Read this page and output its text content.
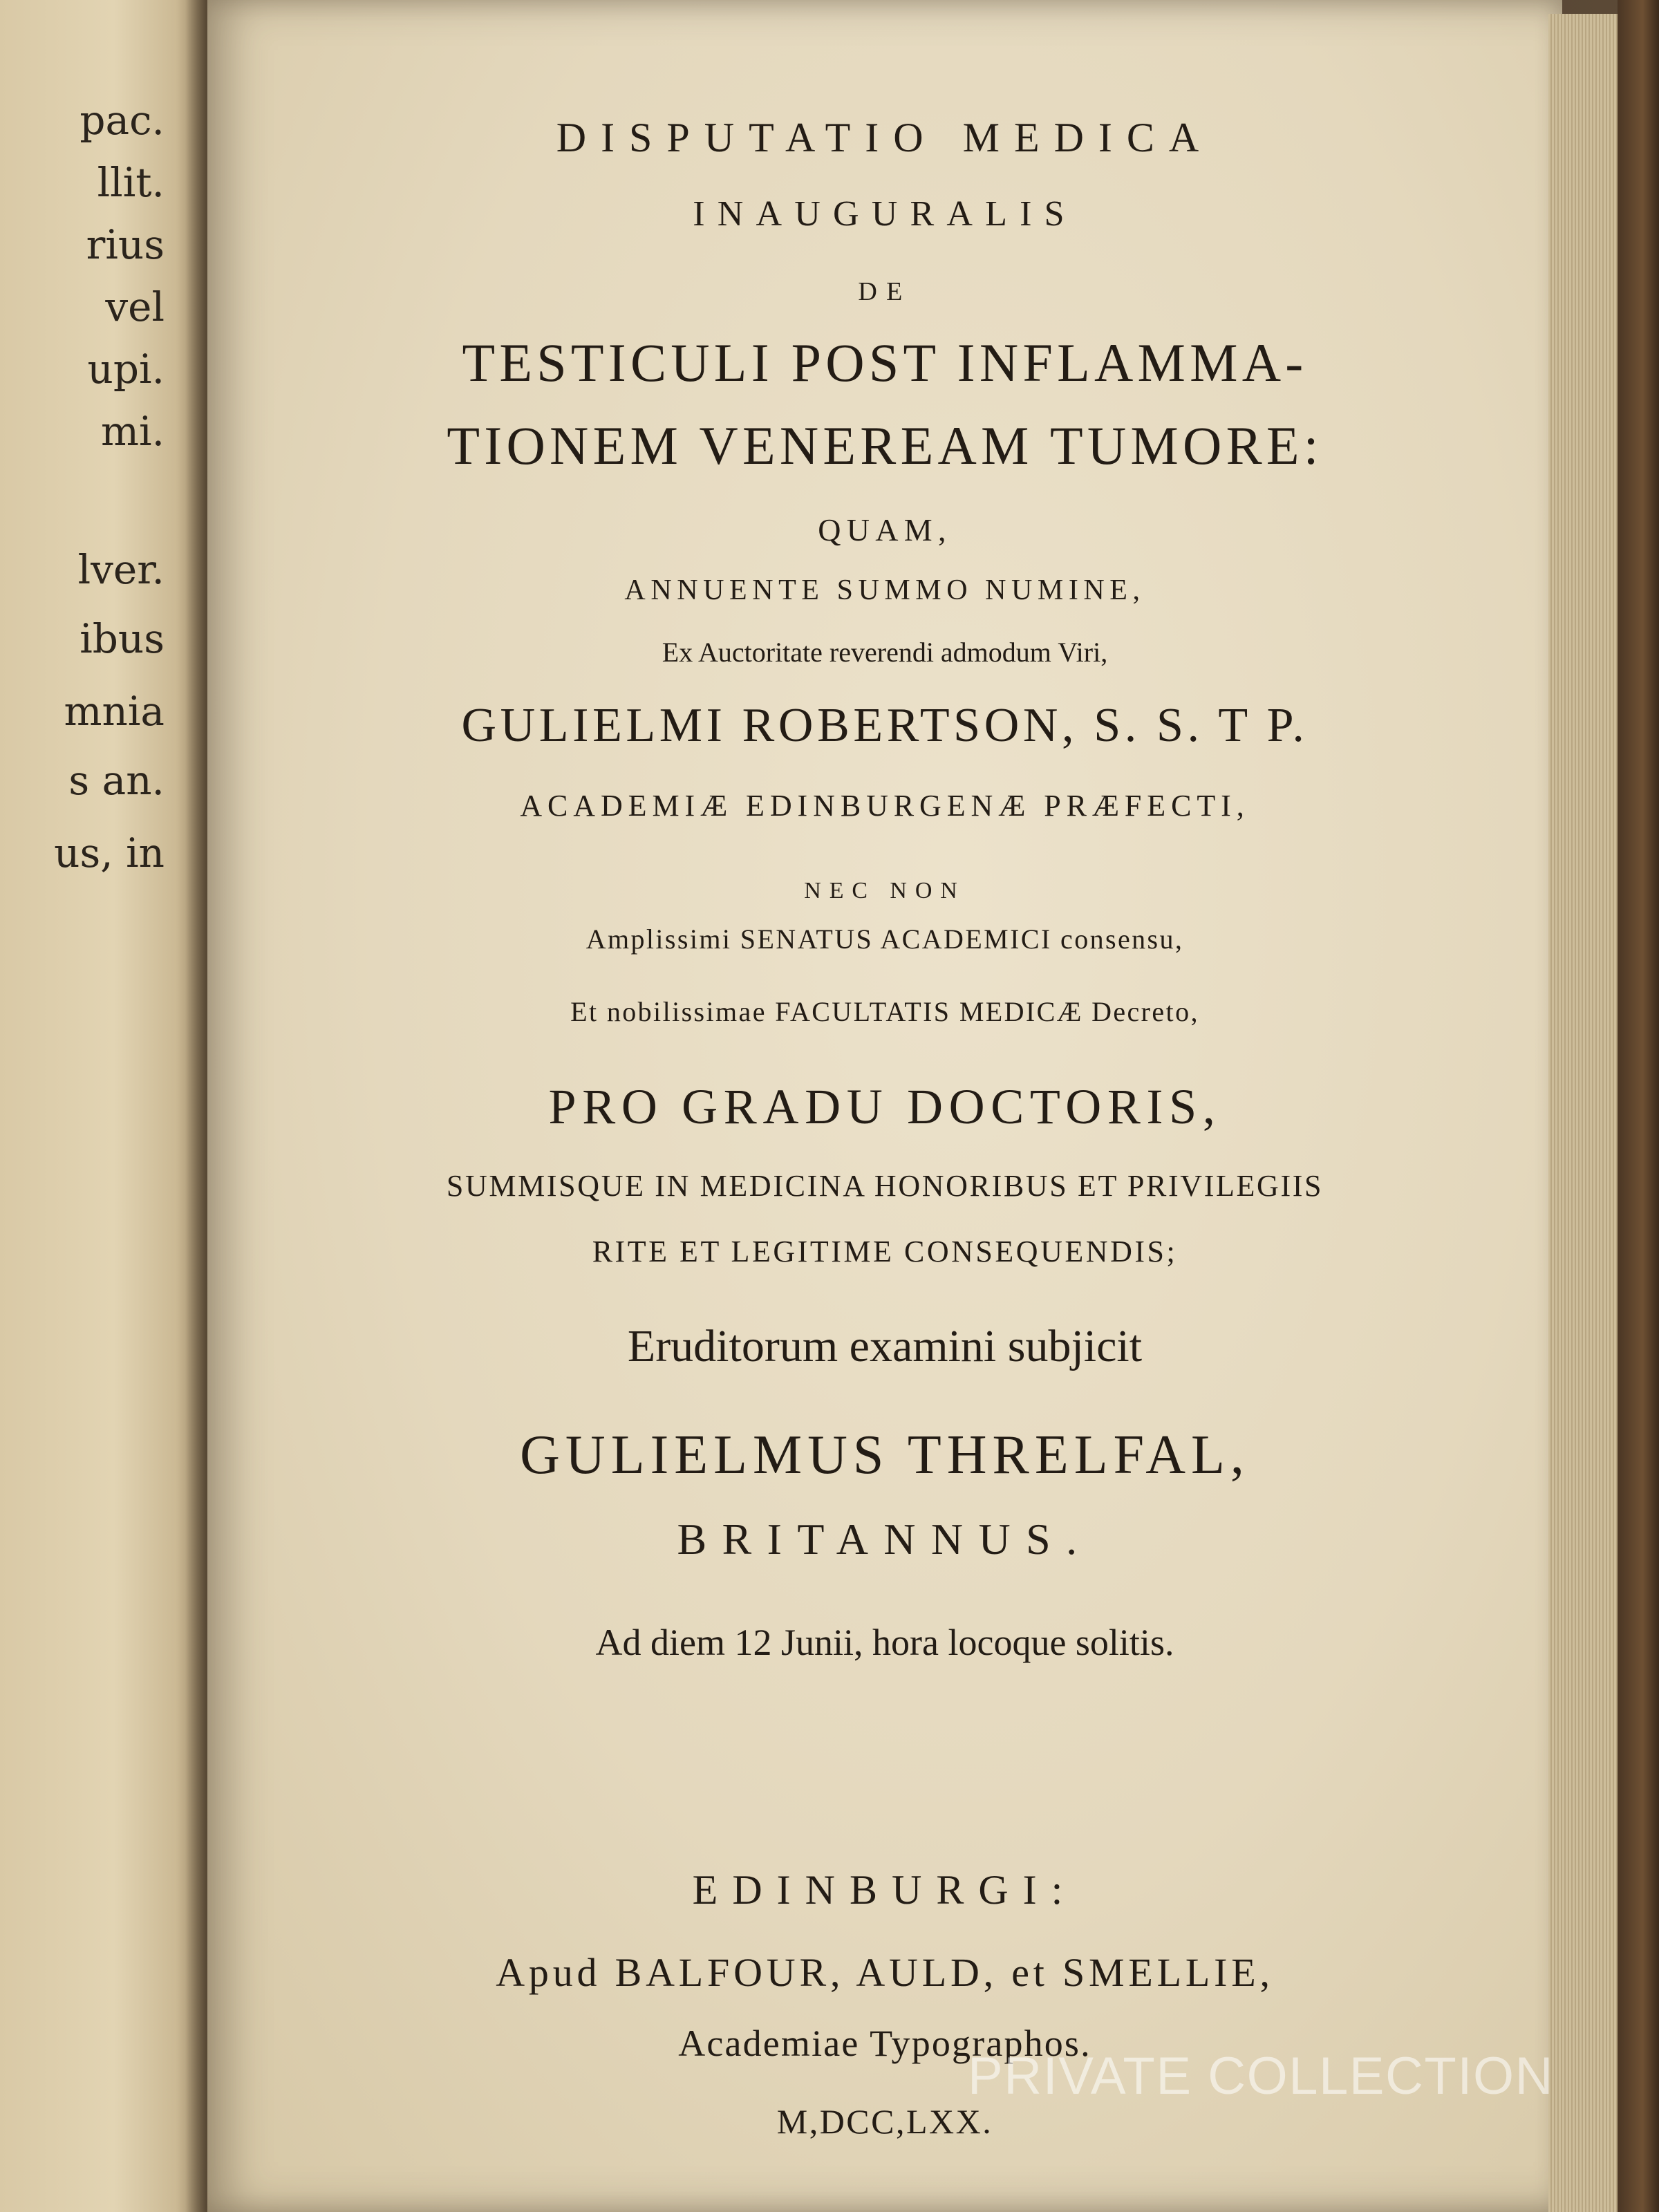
pac.
llit.
rius
vel
upi.
mi.
lver.
ibus
mnia
s an.
us, in
DISPUTATIO MEDICA
INAUGURALIS
DE
TESTICULI POST INFLAMMA-
TIONEM VENEREAM TUMORE:
QUAM,
ANNUENTE SUMMO NUMINE,
Ex Auctoritate reverendi admodum Viri,
GULIELMI ROBERTSON, S. S. T P.
ACADEMIÆ EDINBURGENÆ PRÆFECTI,
NEC NON
Amplissimi SENATUS ACADEMICI consensu,
Et nobilissimae FACULTATIS MEDICÆ Decreto,
PRO GRADU DOCTORIS,
SUMMISQUE IN MEDICINA HONORIBUS ET PRIVILEGIIS
RITE ET LEGITIME CONSEQUENDIS;
Eruditorum examini subjicit
GULIELMUS THRELFAL,
BRITANNUS.
Ad diem 12 Junii, hora locoque solitis.
EDINBURGI:
Apud BALFOUR, AULD, et SMELLIE,
Academiae Typographos.
M,DCC,LXX.
PRIVATE COLLECTION
